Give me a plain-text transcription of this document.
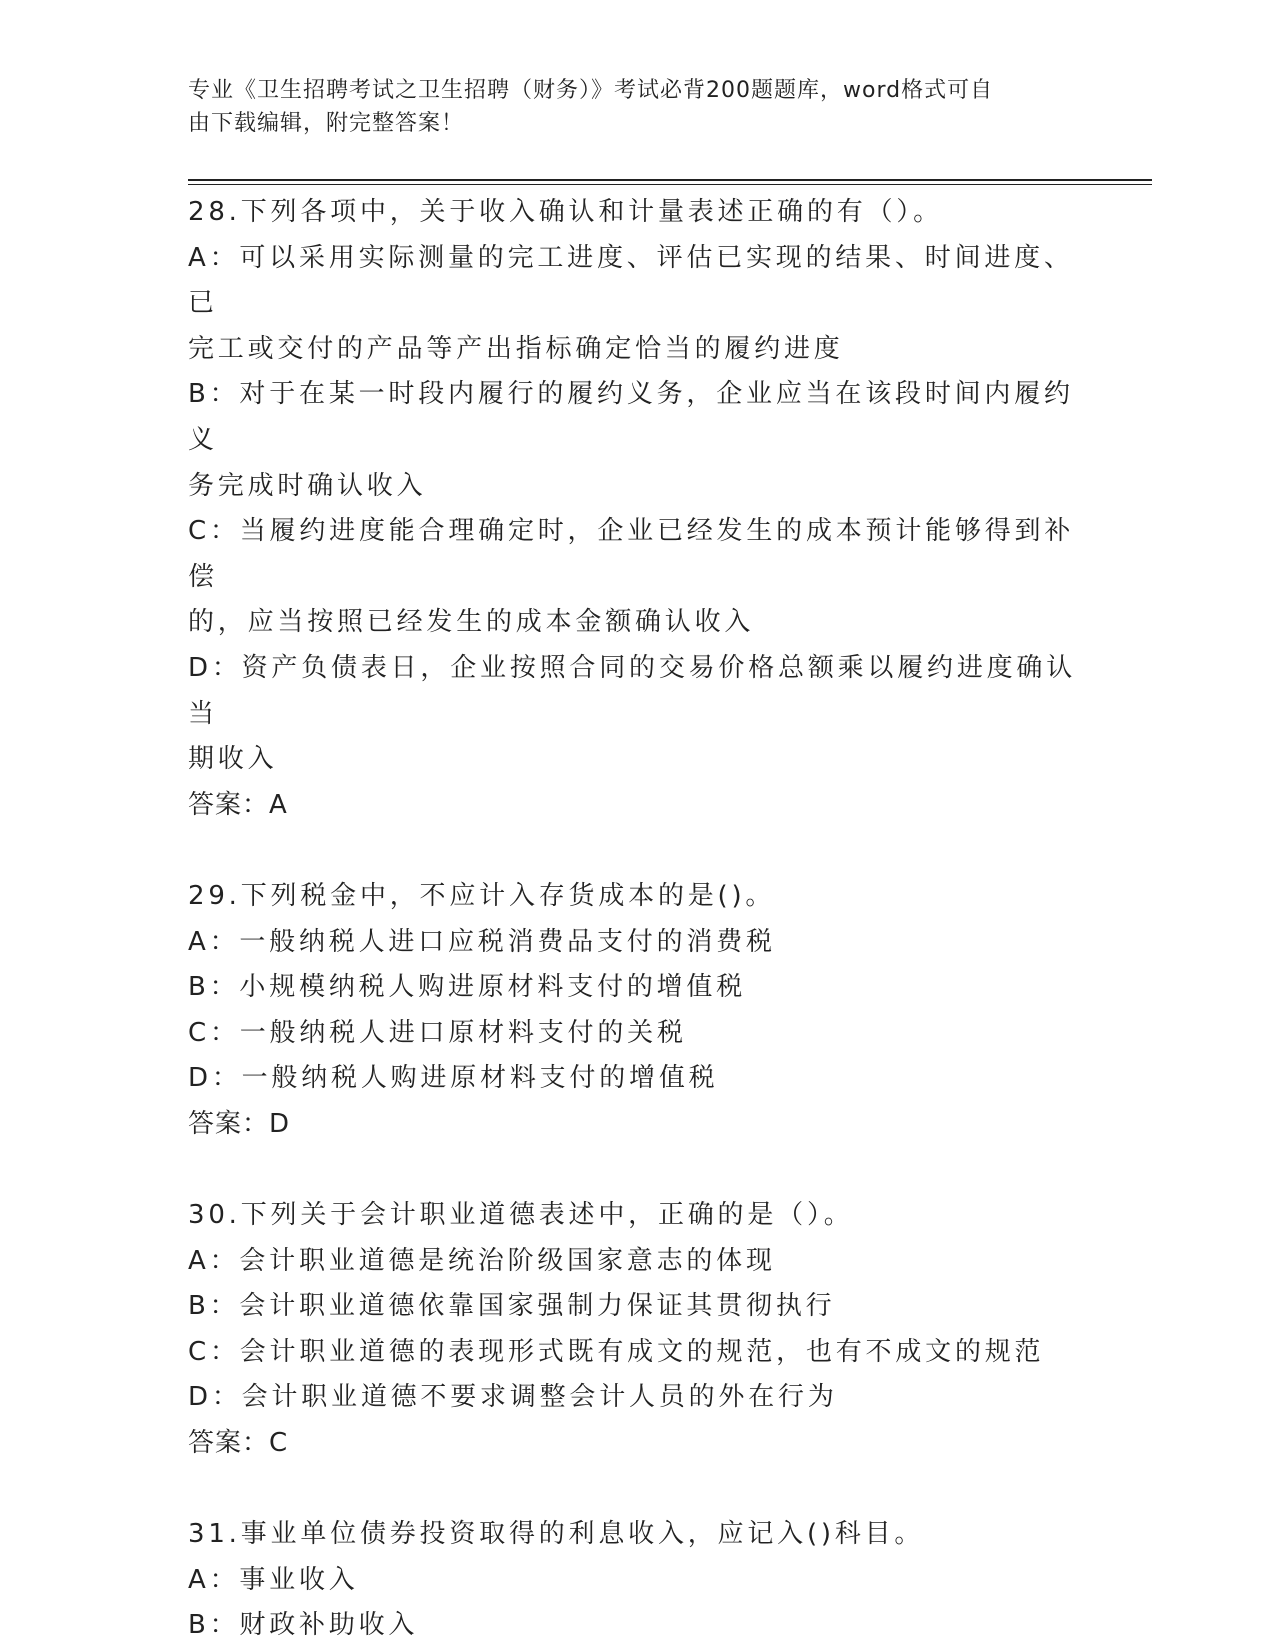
专业《卫生招聘考试之卫生招聘（财务）》考试必背200题题库，word格式可自
由下载编辑，附完整答案！
28.下列各项中，关于收入确认和计量表述正确的有（）。
A：可以采用实际测量的完工进度、评估已实现的结果、时间进度、已
完工或交付的产品等产出指标确定恰当的履约进度
B：对于在某一时段内履行的履约义务，企业应当在该段时间内履约义
务完成时确认收入
C：当履约进度能合理确定时，企业已经发生的成本预计能够得到补偿
的，应当按照已经发生的成本金额确认收入
D：资产负债表日，企业按照合同的交易价格总额乘以履约进度确认当
期收入
答案：A
29.下列税金中，不应计入存货成本的是()。
A：一般纳税人进口应税消费品支付的消费税
B：小规模纳税人购进原材料支付的增值税
C：一般纳税人进口原材料支付的关税
D：一般纳税人购进原材料支付的增值税
答案：D
30.下列关于会计职业道德表述中，正确的是（）。
A：会计职业道德是统治阶级国家意志的体现
B：会计职业道德依靠国家强制力保证其贯彻执行
C：会计职业道德的表现形式既有成文的规范，也有不成文的规范
D：会计职业道德不要求调整会计人员的外在行为
答案：C
31.事业单位债券投资取得的利息收入，应记入()科目。
A：事业收入
B：财政补助收入
